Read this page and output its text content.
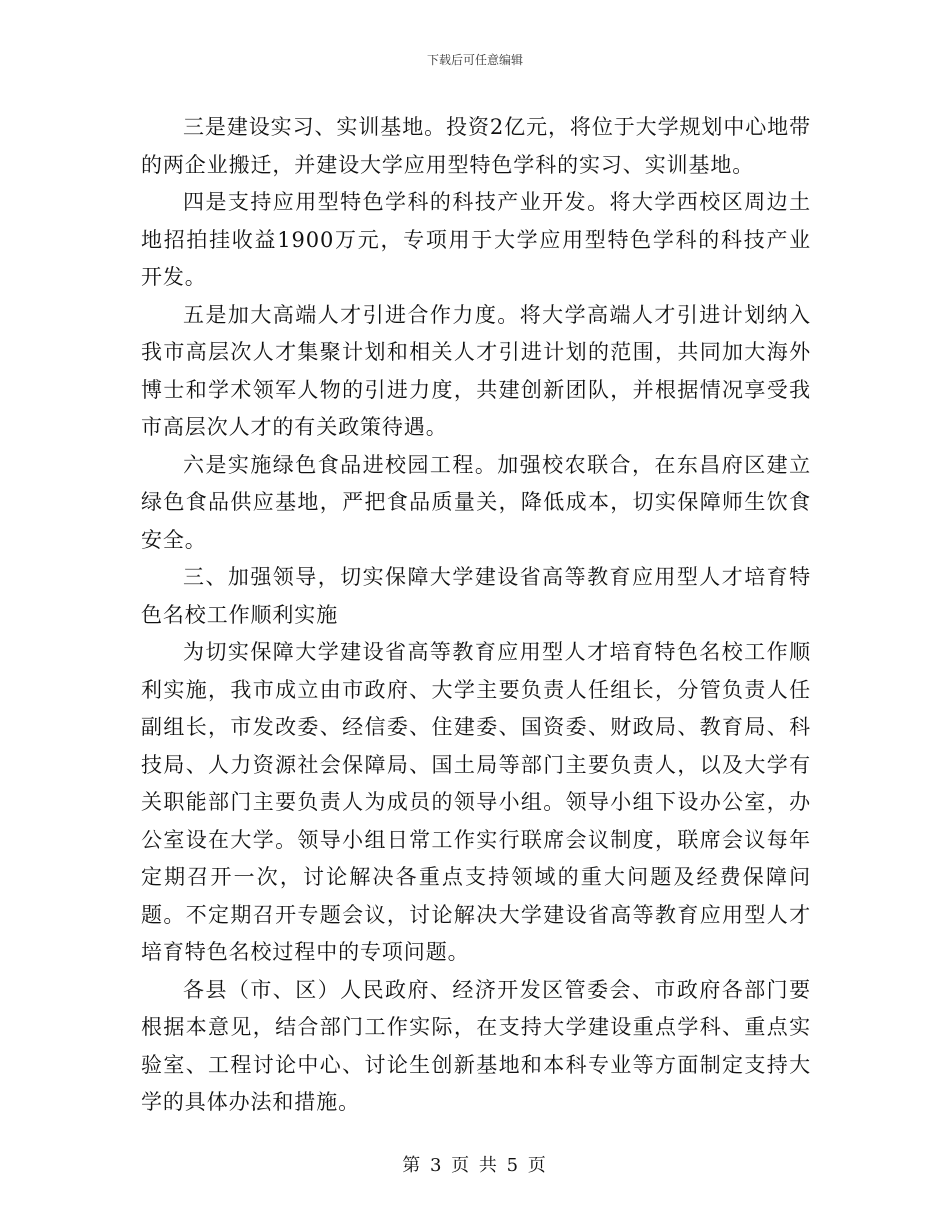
下载后可任意编辑

三是建设实习、实训基地。投资2亿元，将位于大学规划中心地带的两企业搬迁，并建设大学应用型特色学科的实习、实训基地。

四是支持应用型特色学科的科技产业开发。将大学西校区周边土地招拍挂收益1900万元，专项用于大学应用型特色学科的科技产业开发。

五是加大高端人才引进合作力度。将大学高端人才引进计划纳入我市高层次人才集聚计划和相关人才引进计划的范围，共同加大海外博士和学术领军人物的引进力度，共建创新团队，并根据情况享受我市高层次人才的有关政策待遇。

六是实施绿色食品进校园工程。加强校农联合，在东昌府区建立绿色食品供应基地，严把食品质量关，降低成本，切实保障师生饮食安全。

三、加强领导，切实保障大学建设省高等教育应用型人才培育特色名校工作顺利实施

为切实保障大学建设省高等教育应用型人才培育特色名校工作顺利实施，我市成立由市政府、大学主要负责人任组长，分管负责人任副组长，市发改委、经信委、住建委、国资委、财政局、教育局、科技局、人力资源社会保障局、国土局等部门主要负责人，以及大学有关职能部门主要负责人为成员的领导小组。领导小组下设办公室，办公室设在大学。领导小组日常工作实行联席会议制度，联席会议每年定期召开一次，讨论解决各重点支持领域的重大问题及经费保障问题。不定期召开专题会议，讨论解决大学建设省高等教育应用型人才培育特色名校过程中的专项问题。

各县（市、区）人民政府、经济开发区管委会、市政府各部门要根据本意见，结合部门工作实际，在支持大学建设重点学科、重点实验室、工程讨论中心、讨论生创新基地和本科专业等方面制定支持大学的具体办法和措施。

第 3 页 共 5 页
